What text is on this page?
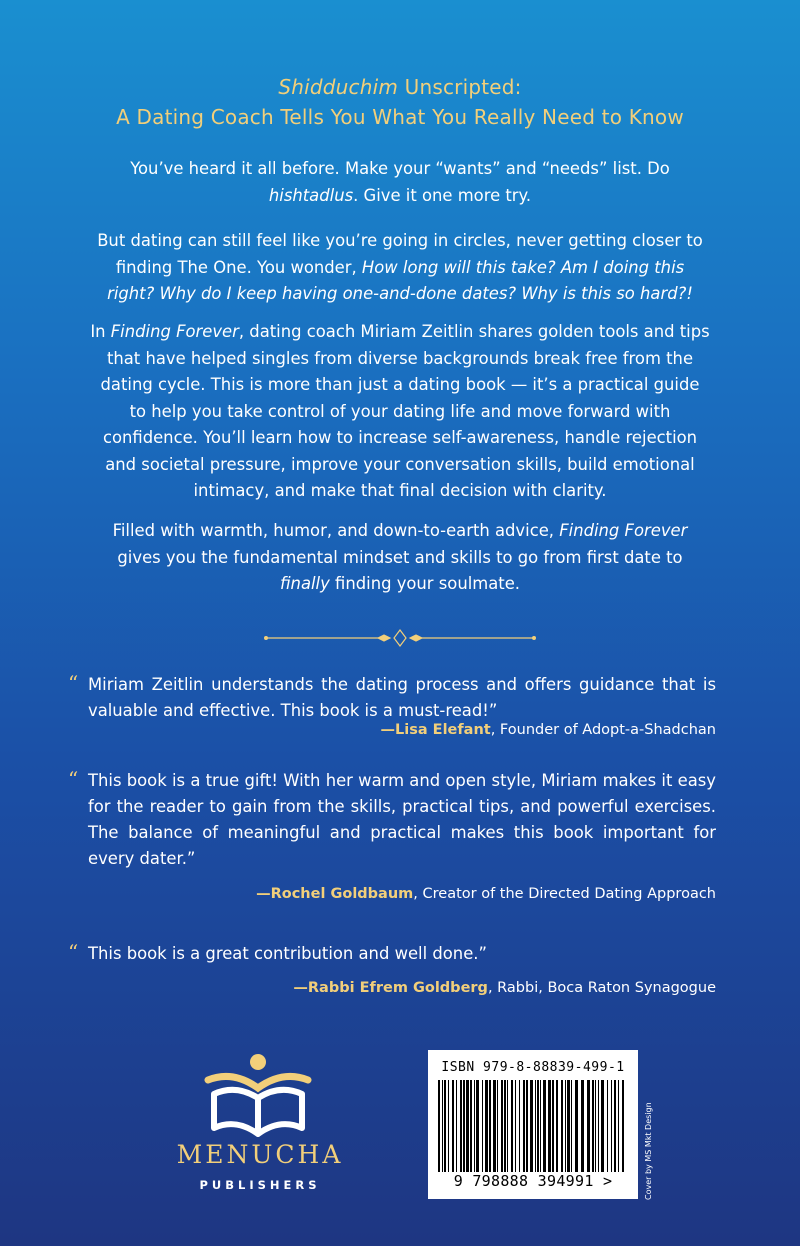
Shidduchim Unscripted:
A Dating Coach Tells You What You Really Need to Know
You’ve heard it all before. Make your “wants” and “needs” list. Do hishtadlus. Give it one more try.
But dating can still feel like you’re going in circles, never getting closer to finding The One. You wonder, How long will this take? Am I doing this right? Why do I keep having one-and-done dates? Why is this so hard?!
In Finding Forever, dating coach Miriam Zeitlin shares golden tools and tips that have helped singles from diverse backgrounds break free from the dating cycle. This is more than just a dating book — it’s a practical guide to help you take control of your dating life and move forward with confidence. You’ll learn how to increase self-awareness, handle rejection and societal pressure, improve your conversation skills, build emotional intimacy, and make that final decision with clarity.
Filled with warmth, humor, and down-to-earth advice, Finding Forever gives you the fundamental mindset and skills to go from first date to finally finding your soulmate.
“ Miriam Zeitlin understands the dating process and offers guidance that is valuable and effective. This book is a must-read!”
—Lisa Elefant, Founder of Adopt-a-Shadchan
“ This book is a true gift! With her warm and open style, Miriam makes it easy for the reader to gain from the skills, practical tips, and powerful exercises. The balance of meaningful and practical makes this book important for every dater.”
—Rochel Goldbaum, Creator of the Directed Dating Approach
“ This book is a great contribution and well done.”
—Rabbi Efrem Goldberg, Rabbi, Boca Raton Synagogue
MENUCHA
PUBLISHERS
ISBN 979-8-88839-499-1
9 798888 394991 >	Cover by MS Mkt Design
